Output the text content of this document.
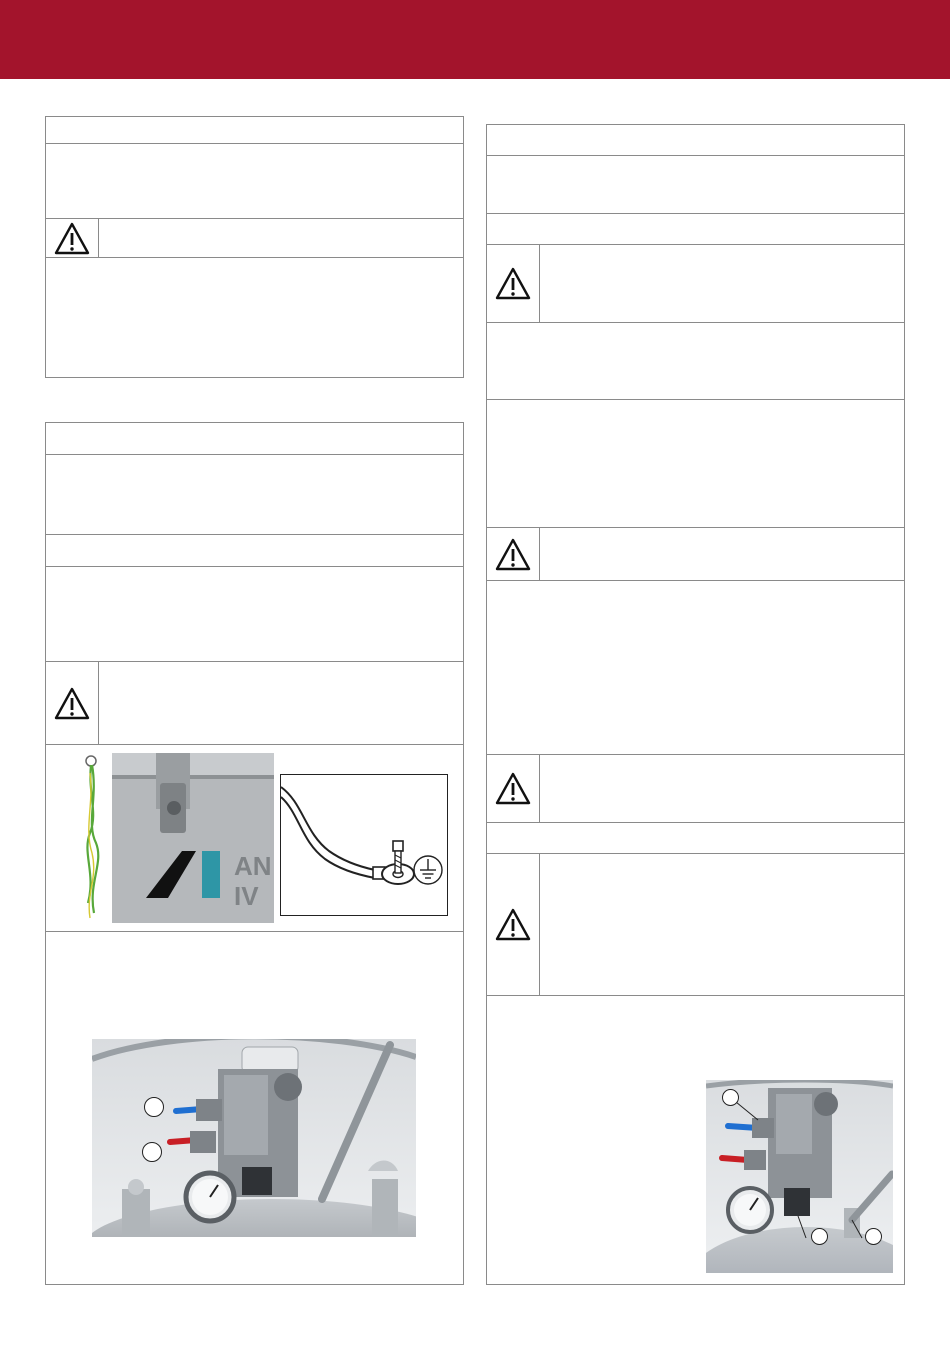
AN
IV
